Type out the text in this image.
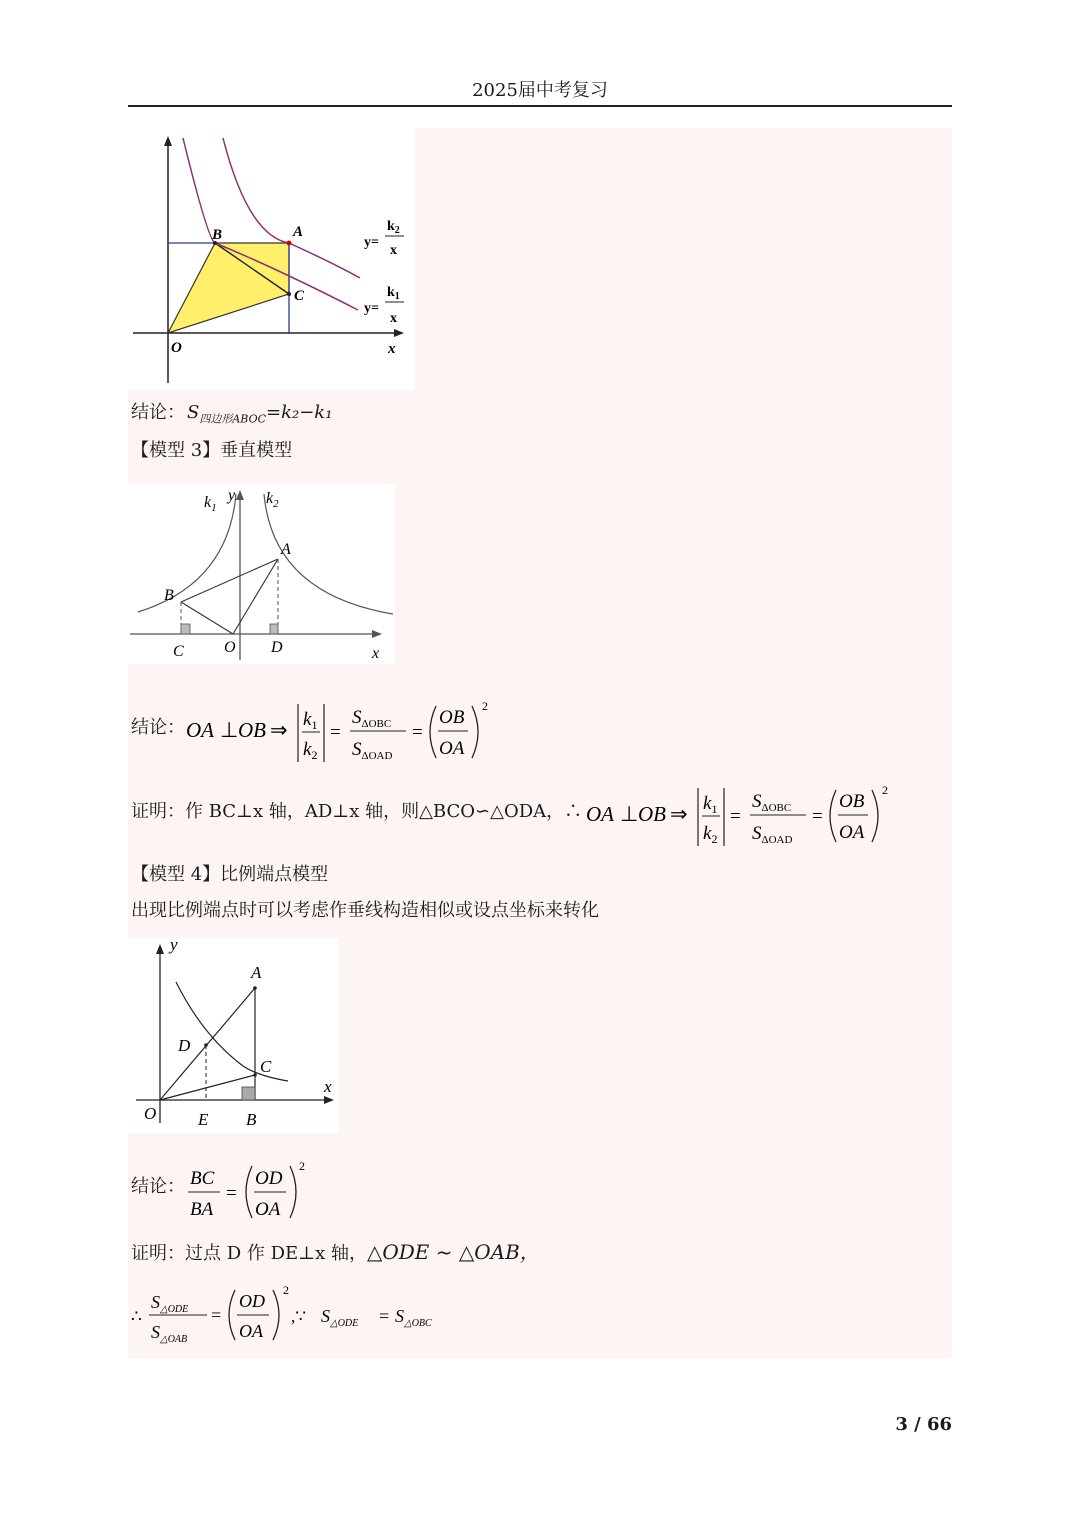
2025届中考复习
B	A
C
O	x
y=
$k_2$
x
y=
$k_1$
x
结论： $S_{四边形ABOC}=k_2-k_1$
【模型 3】垂直模型
$k_1$
y $k_2$
A
B
C	O D	x
结论： OA ⊥ OB ⇒ $k_1$
$k_2$
=
$S_{\Delta OBC}$
$S_{\Delta OAD}$
=
OB
OA
2
证明：作 BC⊥x 轴，AD⊥x 轴，则△BCO∽△ODA，∴ OA ⊥ OB ⇒ $k_1$
$k_2$
=
$S_{\Delta OBC}$
$S_{\Delta OAD}$
=
OB
OA
2
【模型 4】比例端点模型
出现比例端点时可以考虑作垂线构造相似或设点坐标来转化
y
A
D
C
x
O E B
结论： BC
BA
=
OD
OA
2
证明：过点 D 作 DE⊥x 轴，△ODE ~ △OAB，
∴
$S_{\triangle ODE}$
$S_{\triangle OAB}$
=
OD
OA
2
,∵ $S_{\triangle ODE} = S_{\triangle OBC}$
3 / 66
